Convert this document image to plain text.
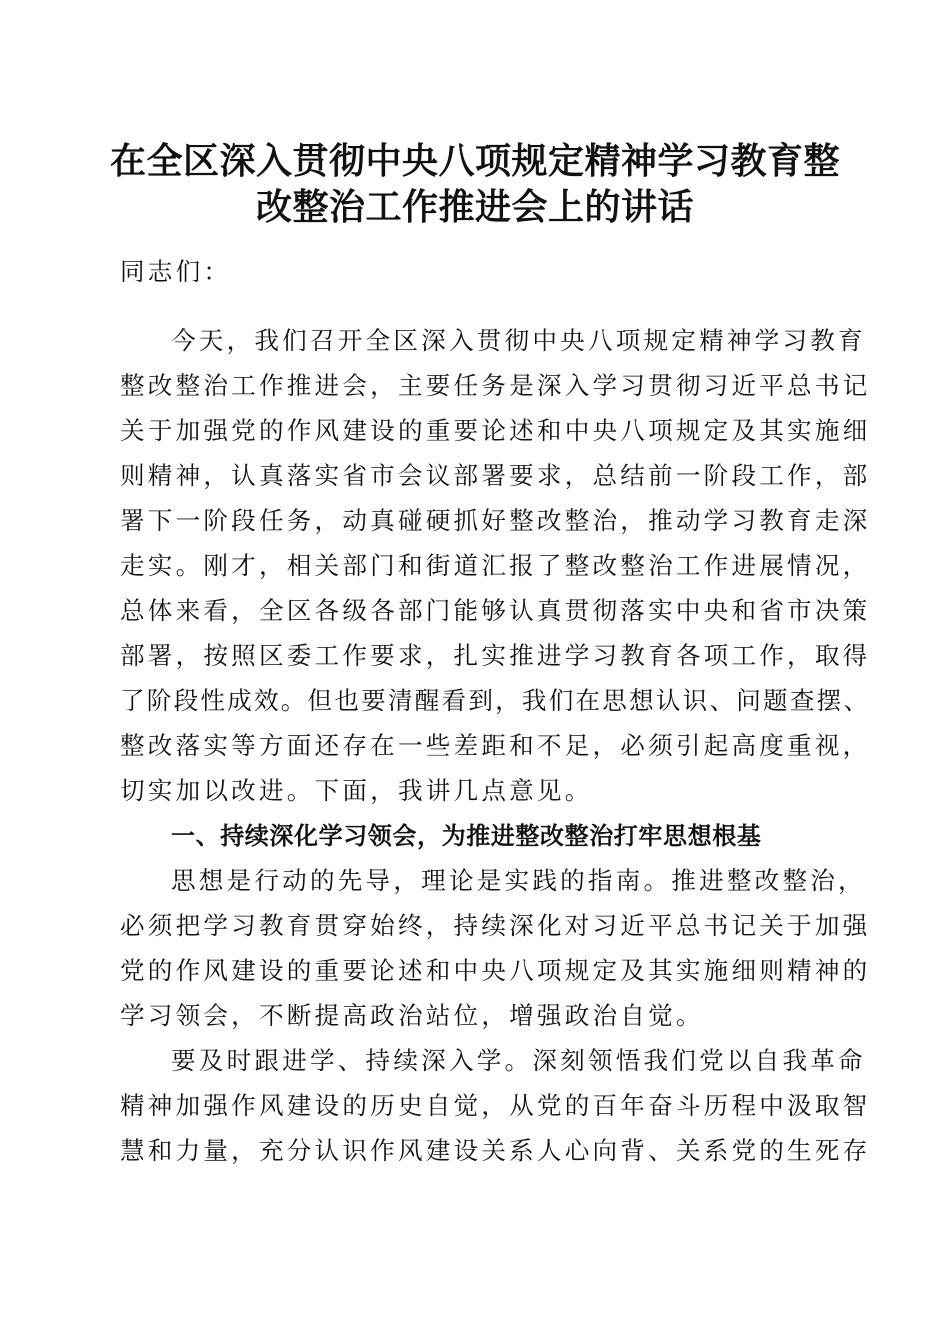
在全区深入贯彻中央八项规定精神学习教育整
改整治工作推进会上的讲话
同志们：
今天，我们召开全区深入贯彻中央八项规定精神学习教育
整改整治工作推进会，主要任务是深入学习贯彻习近平总书记
关于加强党的作风建设的重要论述和中央八项规定及其实施细
则精神，认真落实省市会议部署要求，总结前一阶段工作，部
署下一阶段任务，动真碰硬抓好整改整治，推动学习教育走深
走实。刚才，相关部门和街道汇报了整改整治工作进展情况，
总体来看，全区各级各部门能够认真贯彻落实中央和省市决策
部署，按照区委工作要求，扎实推进学习教育各项工作，取得
了阶段性成效。但也要清醒看到，我们在思想认识、问题查摆、
整改落实等方面还存在一些差距和不足，必须引起高度重视，
切实加以改进。下面，我讲几点意见。
一、持续深化学习领会，为推进整改整治打牢思想根基
思想是行动的先导，理论是实践的指南。推进整改整治，
必须把学习教育贯穿始终，持续深化对习近平总书记关于加强
党的作风建设的重要论述和中央八项规定及其实施细则精神的
学习领会，不断提高政治站位，增强政治自觉。
要及时跟进学、持续深入学。深刻领悟我们党以自我革命
精神加强作风建设的历史自觉，从党的百年奋斗历程中汲取智
慧和力量，充分认识作风建设关系人心向背、关系党的生死存
